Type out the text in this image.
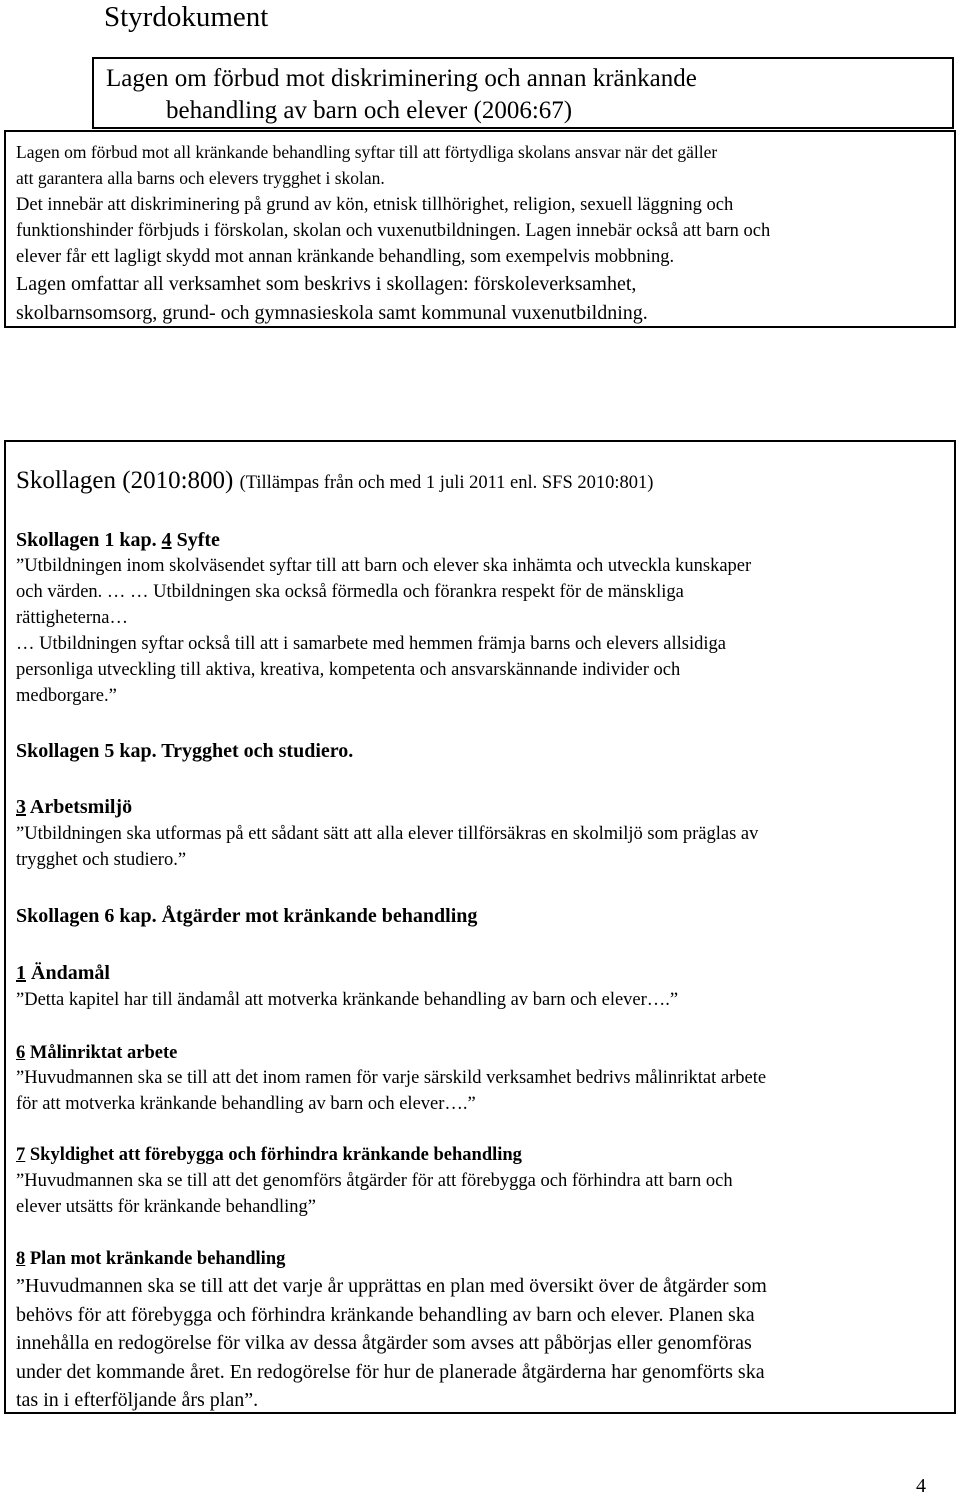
Styrdokument
Lagen om förbud mot diskriminering och annan kränkande
behandling av barn och elever (2006:67)
Lagen om förbud mot all kränkande behandling syftar till att förtydliga skolans ansvar när det gäller
att garantera alla barns och elevers trygghet i skolan.
Det innebär att diskriminering på grund av kön, etnisk tillhörighet, religion, sexuell läggning och
funktionshinder förbjuds i förskolan, skolan och vuxenutbildningen. Lagen innebär också att barn och
elever får ett lagligt skydd mot annan kränkande behandling, som exempelvis mobbning.
Lagen omfattar all verksamhet som beskrivs i skollagen: förskoleverksamhet,
skolbarnsomsorg, grund- och gymnasieskola samt kommunal vuxenutbildning.
Skollagen (2010:800) (Tillämpas från och med 1 juli 2011 enl. SFS 2010:801)
Skollagen 1 kap. 4 Syfte
”Utbildningen inom skolväsendet syftar till att barn och elever ska inhämta och utveckla kunskaper
och värden. … … Utbildningen ska också förmedla och förankra respekt för de mänskliga
rättigheterna…
… Utbildningen syftar också till att i samarbete med hemmen främja barns och elevers allsidiga
personliga utveckling till aktiva, kreativa, kompetenta och ansvarskännande individer och
medborgare.”
Skollagen 5 kap. Trygghet och studiero.
3 Arbetsmiljö
”Utbildningen ska utformas på ett sådant sätt att alla elever tillförsäkras en skolmiljö som präglas av
trygghet och studiero.”
Skollagen 6 kap. Åtgärder mot kränkande behandling
1 Ändamål
”Detta kapitel har till ändamål att motverka kränkande behandling av barn och elever….”
6 Målinriktat arbete
”Huvudmannen ska se till att det inom ramen för varje särskild verksamhet bedrivs målinriktat arbete
för att motverka kränkande behandling av barn och elever….”
7 Skyldighet att förebygga och förhindra kränkande behandling
”Huvudmannen ska se till att det genomförs åtgärder för att förebygga och förhindra att barn och
elever utsätts för kränkande behandling”
8 Plan mot kränkande behandling
”Huvudmannen ska se till att det varje år upprättas en plan med översikt över de åtgärder som
behövs för att förebygga och förhindra kränkande behandling av barn och elever. Planen ska
innehålla en redogörelse för vilka av dessa åtgärder som avses att påbörjas eller genomföras
under det kommande året. En redogörelse för hur de planerade åtgärderna har genomförts ska
tas in i efterföljande års plan”.
4
